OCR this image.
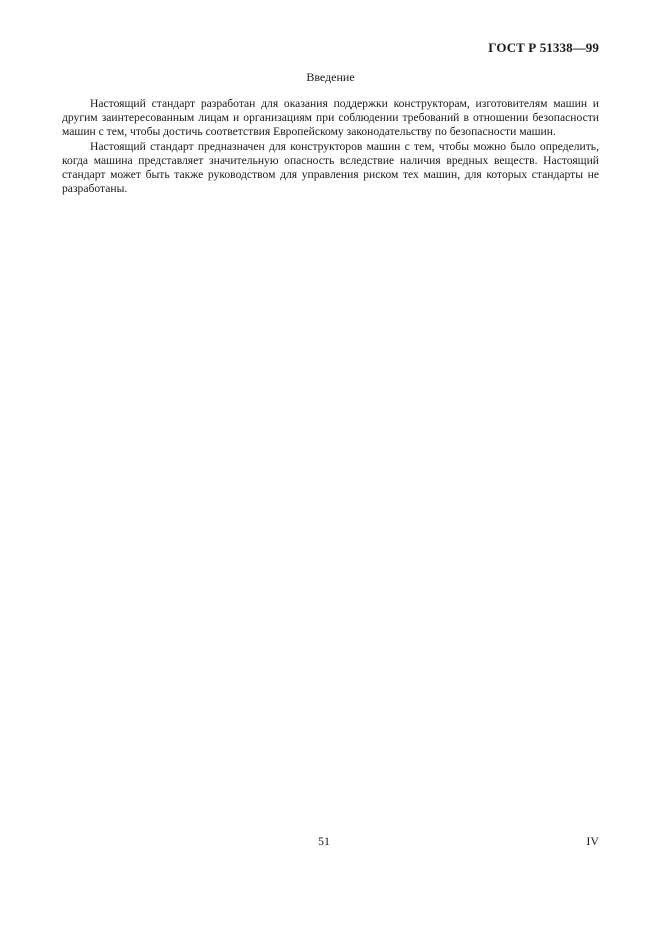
ГОСТ Р 51338—99
Введение

Настоящий стандарт разработан для оказания поддержки конструкторам, изготовителям машин и другим заинтересованным лицам и организациям при соблюдении требований в отношении безопасности машин с тем, чтобы достичь соответствия Европейскому законодательству по безопасности машин.

Настоящий стандарт предназначен для конструкторов машин с тем, чтобы можно было определить, когда машина представляет значительную опасность вследствие наличия вредных веществ. Настоящий стандарт может быть также руководством для управления риском тех машин, для которых стандарты не разработаны.

51	IV
